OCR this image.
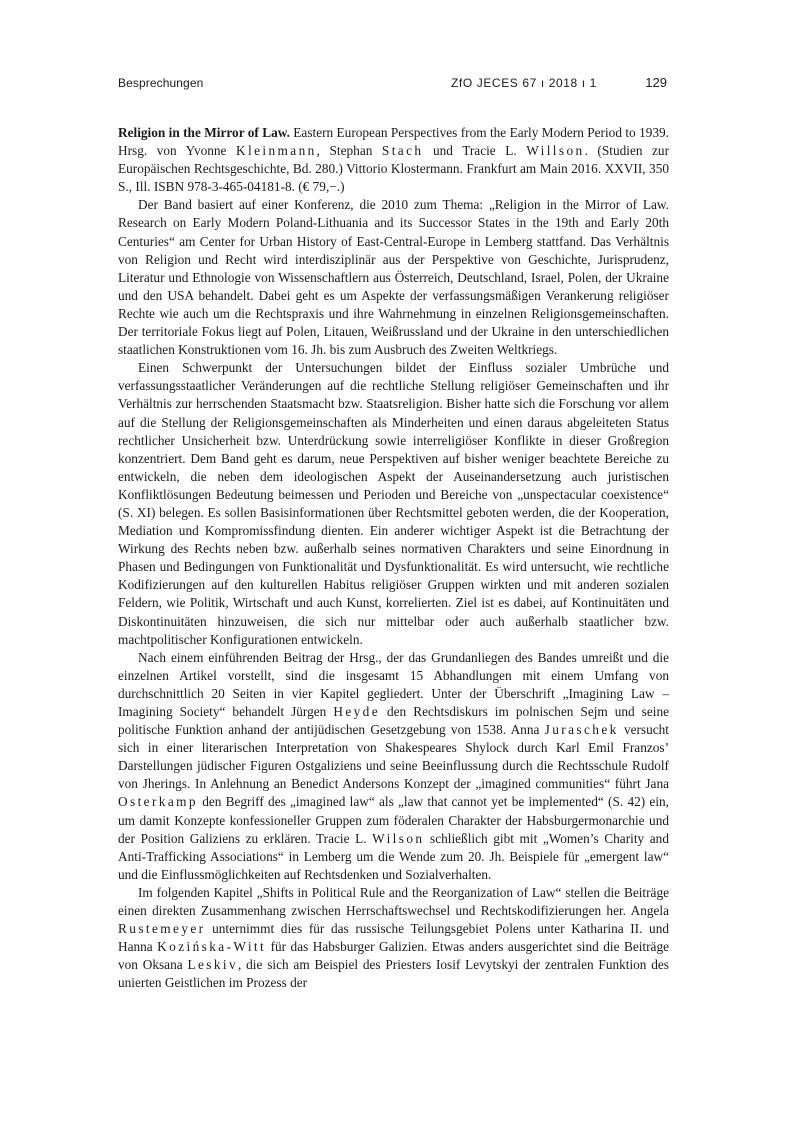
Besprechungen	ZfO JECES 67 ı 2018 ı 1	129

Religion in the Mirror of Law. Eastern European Perspectives from the Early Modern Period to 1939. Hrsg. von Yvonne Kleinmann, Stephan Stach und Tracie L. Willson. (Studien zur Europäischen Rechtsgeschichte, Bd. 280.) Vittorio Klostermann. Frankfurt am Main 2016. XXVII, 350 S., Ill. ISBN 978-3-465-04181-8. (€ 79,−.)

Der Band basiert auf einer Konferenz, die 2010 zum Thema: „Religion in the Mirror of Law. Research on Early Modern Poland-Lithuania and its Successor States in the 19th and Early 20th Centuries“ am Center for Urban History of East-Central-Europe in Lemberg stattfand. Das Verhältnis von Religion und Recht wird interdisziplinär aus der Perspektive von Geschichte, Jurisprudenz, Literatur und Ethnologie von Wissenschaftlern aus Österreich, Deutschland, Israel, Polen, der Ukraine und den USA behandelt. Dabei geht es um Aspekte der verfassungsmäßigen Verankerung religiöser Rechte wie auch um die Rechtspraxis und ihre Wahrnehmung in einzelnen Religionsgemeinschaften. Der territoriale Fokus liegt auf Polen, Litauen, Weißrussland und der Ukraine in den unterschiedlichen staatlichen Konstruktionen vom 16. Jh. bis zum Ausbruch des Zweiten Weltkriegs.

Einen Schwerpunkt der Untersuchungen bildet der Einfluss sozialer Umbrüche und verfassungsstaatlicher Veränderungen auf die rechtliche Stellung religiöser Gemeinschaften und ihr Verhältnis zur herrschenden Staatsmacht bzw. Staatsreligion. Bisher hatte sich die Forschung vor allem auf die Stellung der Religionsgemeinschaften als Minderheiten und einen daraus abgeleiteten Status rechtlicher Unsicherheit bzw. Unterdrückung sowie interreligiöser Konflikte in dieser Großregion konzentriert. Dem Band geht es darum, neue Perspektiven auf bisher weniger beachtete Bereiche zu entwickeln, die neben dem ideologischen Aspekt der Auseinandersetzung auch juristischen Konfliktlösungen Bedeutung beimessen und Perioden und Bereiche von „unspectacular coexistence“ (S. XI) belegen. Es sollen Basisinformationen über Rechtsmittel geboten werden, die der Kooperation, Mediation und Kompromissfindung dienten. Ein anderer wichtiger Aspekt ist die Betrachtung der Wirkung des Rechts neben bzw. außerhalb seines normativen Charakters und seine Einordnung in Phasen und Bedingungen von Funktionalität und Dysfunktionalität. Es wird untersucht, wie rechtliche Kodifizierungen auf den kulturellen Habitus religiöser Gruppen wirkten und mit anderen sozialen Feldern, wie Politik, Wirtschaft und auch Kunst, korrelierten. Ziel ist es dabei, auf Kontinuitäten und Diskontinuitäten hinzuweisen, die sich nur mittelbar oder auch außerhalb staatlicher bzw. machtpolitischer Konfigurationen entwickeln.

Nach einem einführenden Beitrag der Hrsg., der das Grundanliegen des Bandes umreißt und die einzelnen Artikel vorstellt, sind die insgesamt 15 Abhandlungen mit einem Umfang von durchschnittlich 20 Seiten in vier Kapitel gegliedert. Unter der Überschrift „Imagining Law – Imagining Society“ behandelt Jürgen Heyde den Rechtsdiskurs im polnischen Sejm und seine politische Funktion anhand der antijüdischen Gesetzgebung von 1538. Anna Juraschek versucht sich in einer literarischen Interpretation von Shakespeares Shylock durch Karl Emil Franzos’ Darstellungen jüdischer Figuren Ostgaliziens und seine Beeinflussung durch die Rechtsschule Rudolf von Jherings. In Anlehnung an Benedict Andersons Konzept der „imagined communities“ führt Jana Osterkamp den Begriff des „imagined law“ als „law that cannot yet be implemented“ (S. 42) ein, um damit Konzepte konfessioneller Gruppen zum föderalen Charakter der Habsburgermonarchie und der Position Galiziens zu erklären. Tracie L. Wilson schließlich gibt mit „Women’s Charity and Anti-Trafficking Associations“ in Lemberg um die Wende zum 20. Jh. Beispiele für „emergent law“ und die Einflussmöglichkeiten auf Rechtsdenken und Sozialverhalten.

Im folgenden Kapitel „Shifts in Political Rule and the Reorganization of Law“ stellen die Beiträge einen direkten Zusammenhang zwischen Herrschaftswechsel und Rechtskodifizierungen her. Angela Rustemeyer unternimmt dies für das russische Teilungsgebiet Polens unter Katharina II. und Hanna Kozińska-Witt für das Habsburger Galizien. Etwas anders ausgerichtet sind die Beiträge von Oksana Leskiv, die sich am Beispiel des Priesters Iosif Levytskyi der zentralen Funktion des unierten Geistlichen im Prozess der
